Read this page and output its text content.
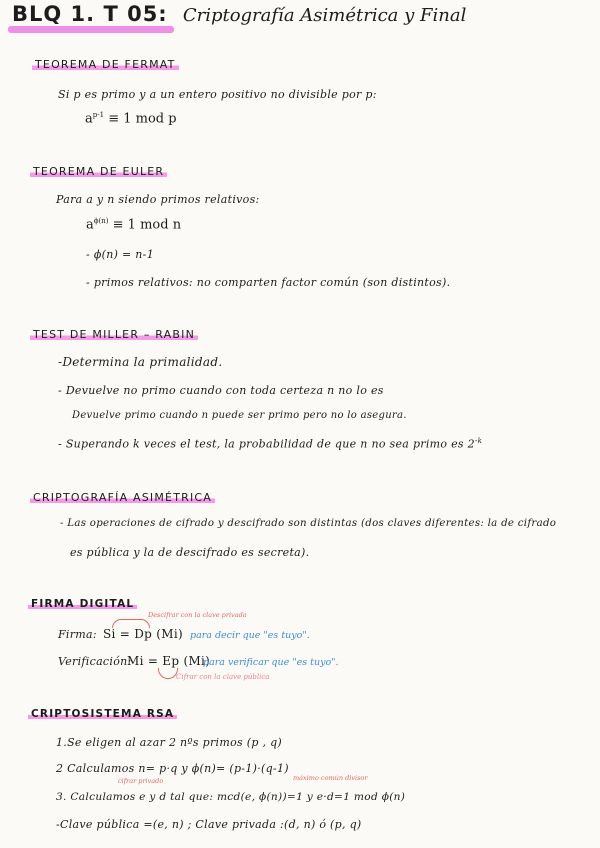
BLQ 1. T 05: Criptografía Asimétrica y Final
TEOREMA DE FERMAT
Si p es primo y a un entero positivo no divisible por p:
$a^{p-1} \equiv 1$ mod p
TEOREMA DE EULER
Para a y n siendo primos relativos:
$a^{\phi(n)} \equiv 1$ mod n
- ϕ(n) = n-1
- primos relativos: no comparten factor común (son distintos).
TEST DE MILLER – RABIN
-Determina la primalidad.
- Devuelve no primo cuando con toda certeza n no lo es
Devuelve primo cuando n puede ser primo pero no lo asegura.
- Superando k veces el test, la probabilidad de que n no sea primo es $2^{-k}$
CRIPTOGRAFÍA ASIMÉTRICA
- Las operaciones de cifrado y descifrado son distintas (dos claves diferentes: la de cifrado
es pública y la de descifrado es secreta).
FIRMA DIGITAL
Descifrar con la clave privada
Firma: Si = Dp (Mi) para decir que "es tuyo".
Verificación:
Mi = Ep (Mi)
para verificar que "es tuyo".
Cifrar con la clave pública
CRIPTOSISTEMA RSA
1.Se eligen al azar 2 nºs primos (p , q)
2 Calculamos n= p·q y ϕ(n)= (p-1)·(q-1)
cifrar privado	máximo común divisor
3. Calculamos e y d tal que: mcd(e, ϕ(n))=1 y e·d=1 mod ϕ(n)
-Clave pública =(e, n) ; Clave privada :(d, n) ó (p, q)
